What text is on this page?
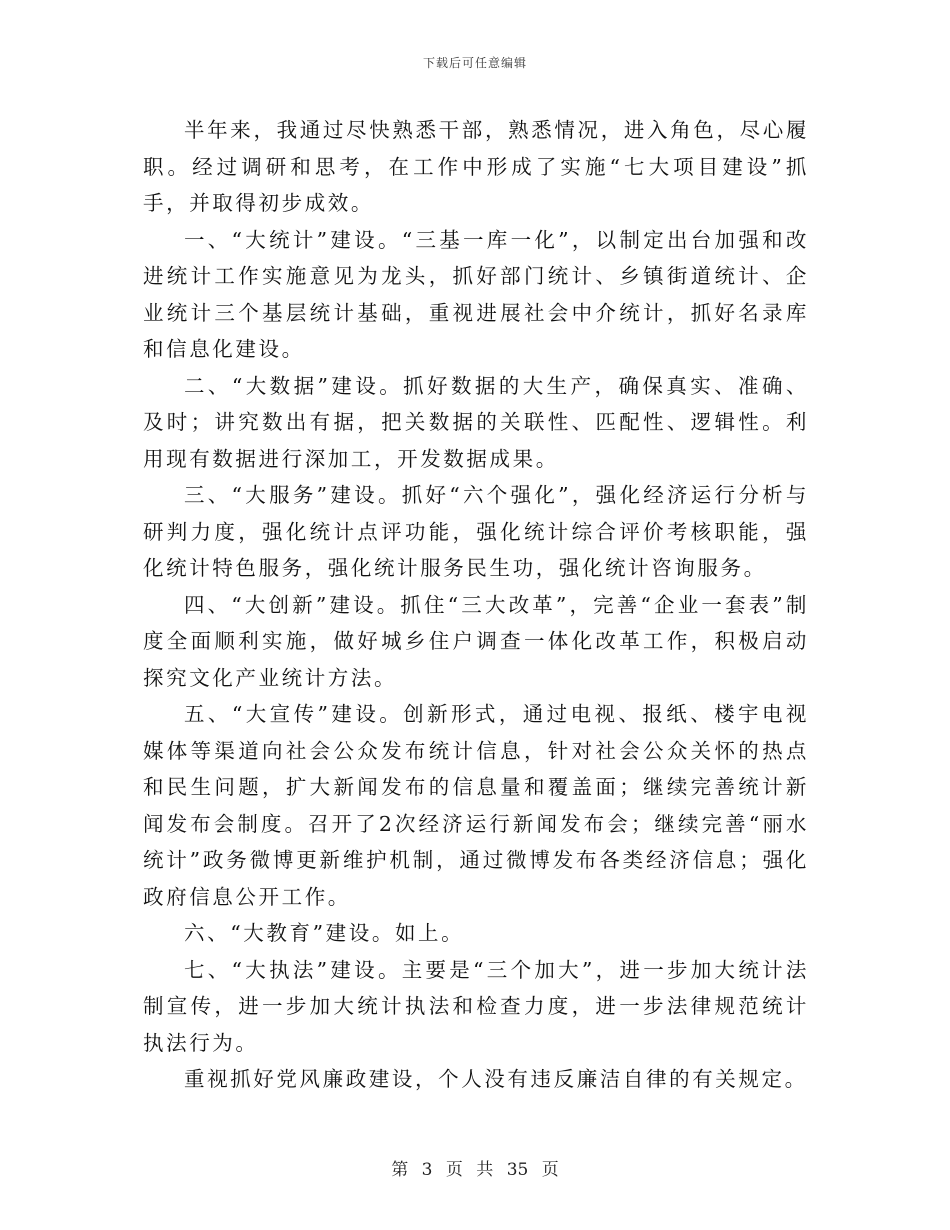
下载后可任意编辑

半年来，我通过尽快熟悉干部，熟悉情况，进入角色，尽心履职。经过调研和思考，在工作中形成了实施“七大项目建设”抓手，并取得初步成效。

一、“大统计”建设。“三基一库一化”，以制定出台加强和改进统计工作实施意见为龙头，抓好部门统计、乡镇街道统计、企业统计三个基层统计基础，重视进展社会中介统计，抓好名录库和信息化建设。

二、“大数据”建设。抓好数据的大生产，确保真实、准确、及时；讲究数出有据，把关数据的关联性、匹配性、逻辑性。利用现有数据进行深加工，开发数据成果。

三、“大服务”建设。抓好“六个强化”，强化经济运行分析与研判力度，强化统计点评功能，强化统计综合评价考核职能，强化统计特色服务，强化统计服务民生功，强化统计咨询服务。

四、“大创新”建设。抓住“三大改革”，完善“企业一套表”制度全面顺利实施，做好城乡住户调查一体化改革工作，积极启动探究文化产业统计方法。

五、“大宣传”建设。创新形式，通过电视、报纸、楼宇电视媒体等渠道向社会公众发布统计信息，针对社会公众关怀的热点和民生问题，扩大新闻发布的信息量和覆盖面；继续完善统计新闻发布会制度。召开了2次经济运行新闻发布会；继续完善“丽水统计”政务微博更新维护机制，通过微博发布各类经济信息；强化政府信息公开工作。

六、“大教育”建设。如上。

七、“大执法”建设。主要是“三个加大”，进一步加大统计法制宣传，进一步加大统计执法和检查力度，进一步法律规范统计执法行为。

重视抓好党风廉政建设，个人没有违反廉洁自律的有关规定。

第 3 页 共 35 页
